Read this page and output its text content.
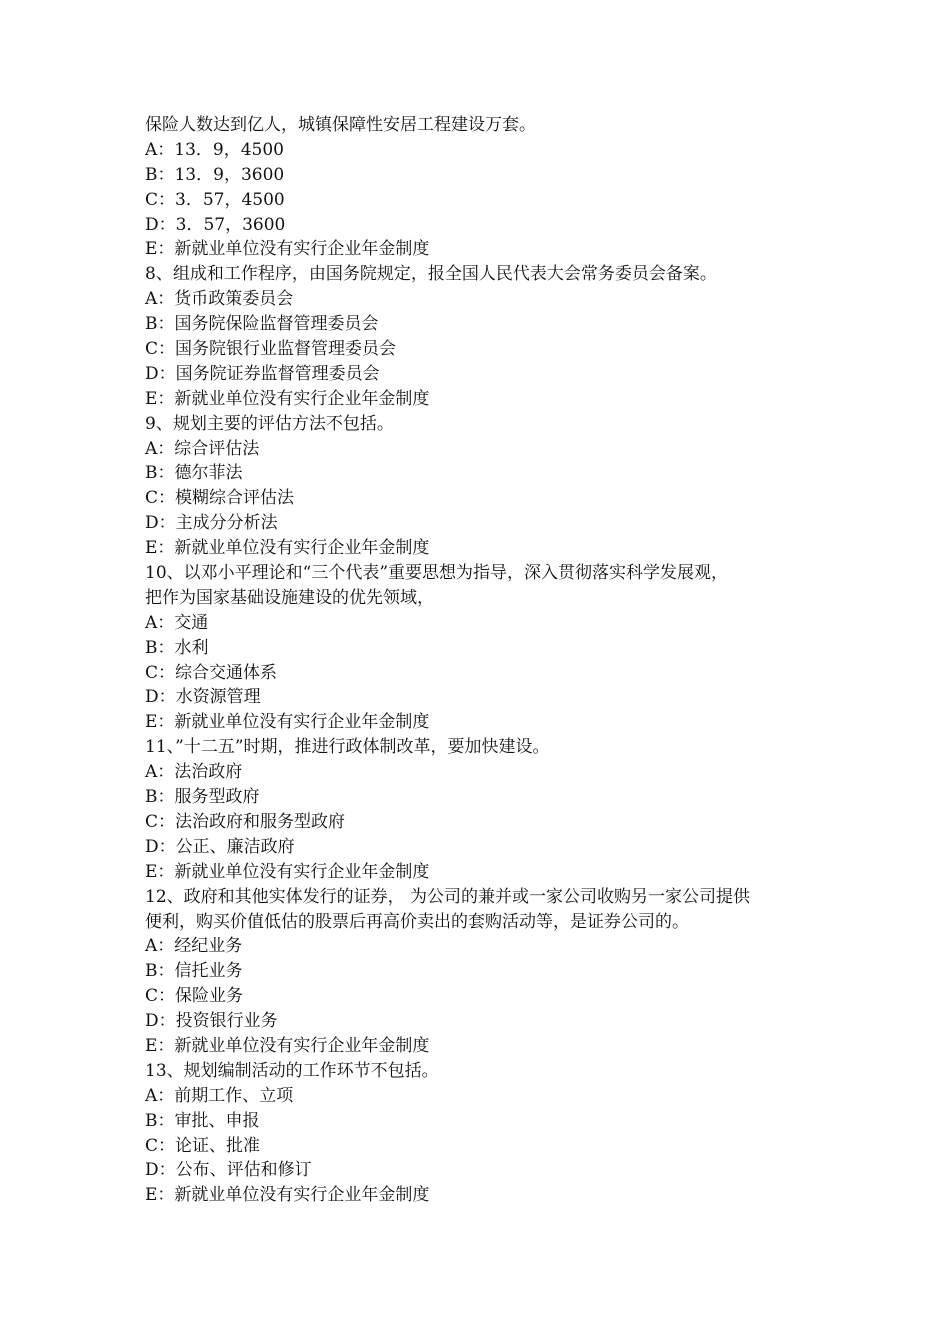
保险人数达到亿人，城镇保障性安居工程建设万套。
A：13．9，4500
B：13．9，3600
C：3．57，4500
D：3．57，3600
E：新就业单位没有实行企业年金制度
8、组成和工作程序，由国务院规定，报全国人民代表大会常务委员会备案。
A：货币政策委员会
B：国务院保险监督管理委员会
C：国务院银行业监督管理委员会
D：国务院证券监督管理委员会
E：新就业单位没有实行企业年金制度
9、规划主要的评估方法不包括。
A：综合评估法
B：德尔菲法
C：模糊综合评估法
D：主成分分析法
E：新就业单位没有实行企业年金制度
10、以邓小平理论和“三个代表”重要思想为指导，深入贯彻落实科学发展观，
把作为国家基础设施建设的优先领域，
A：交通
B：水利
C：综合交通体系
D：水资源管理
E：新就业单位没有实行企业年金制度
11、”十二五”时期，推进行政体制改革，要加快建设。
A：法治政府
B：服务型政府
C：法治政府和服务型政府
D：公正、廉洁政府
E：新就业单位没有实行企业年金制度
12、政府和其他实体发行的证券， 为公司的兼并或一家公司收购另一家公司提供
便利，购买价值低估的股票后再高价卖出的套购活动等，是证券公司的。
A：经纪业务
B：信托业务
C：保险业务
D：投资银行业务
E：新就业单位没有实行企业年金制度
13、规划编制活动的工作环节不包括。
A：前期工作、立项
B：审批、申报
C：论证、批准
D：公布、评估和修订
E：新就业单位没有实行企业年金制度
